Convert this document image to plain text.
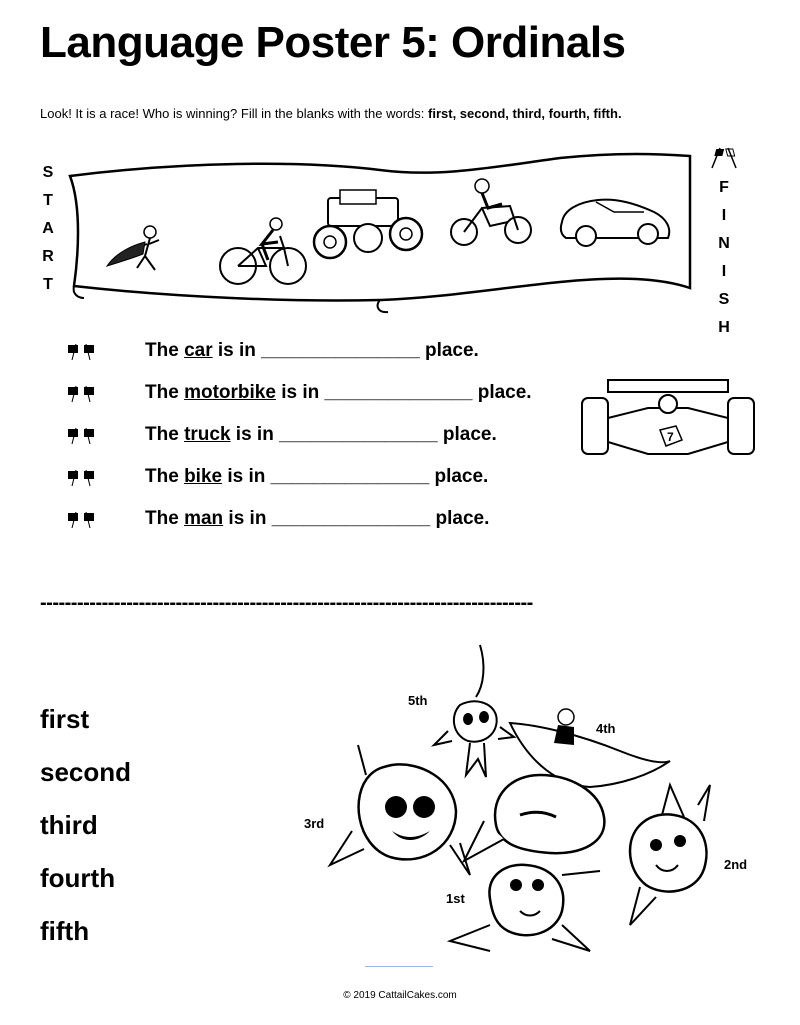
Language Poster 5: Ordinals
Look! It is a race! Who is winning? Fill in the blanks with the words: first, second, third, fourth, fifth.
S
T
A
R
T
F
I
N
I
S
H
The car is in _______________ place.
The motorbike is in ______________ place.
The truck is in _______________ place.
The bike is in _______________ place.
The man is in _______________ place.
7
--------------------------------------------------------------------------------
first
second
third
fourth
fifth
5th
4th
3rd
2nd
1st
© 2019 CattailCakes.com
